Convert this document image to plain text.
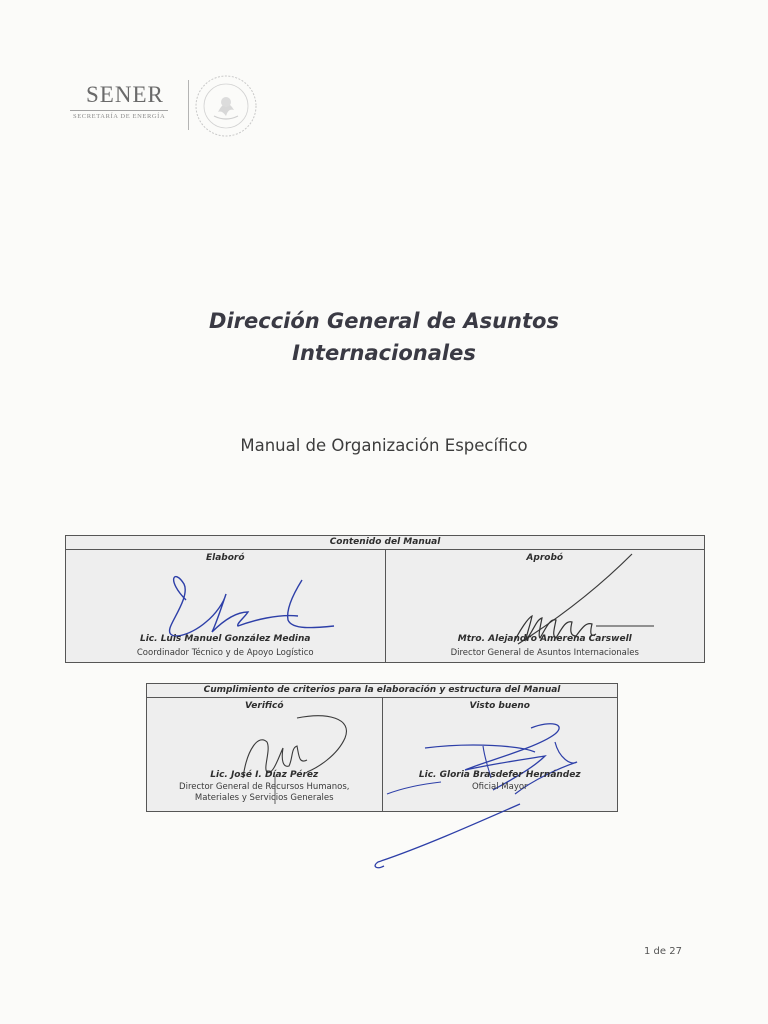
SENER
SECRETARÍA DE ENERGÍA
Dirección General de Asuntos
Internacionales
Manual de Organización Específico
Contenido del Manual

Elaboró
Lic. Luis Manuel González Medina
Coordinador Técnico y de Apoyo Logístico

Aprobó
Mtro. Alejandro Amerena Carswell
Director General de Asuntos Internacionales
Cumplimiento de criterios para la elaboración y estructura del Manual

Verificó
Lic. José I. Díaz Pérez
Director General de Recursos Humanos,
Materiales y Servicios Generales

Visto bueno
Lic. Gloria Brasdefer Hernández
Oficial Mayor
1 de 27
